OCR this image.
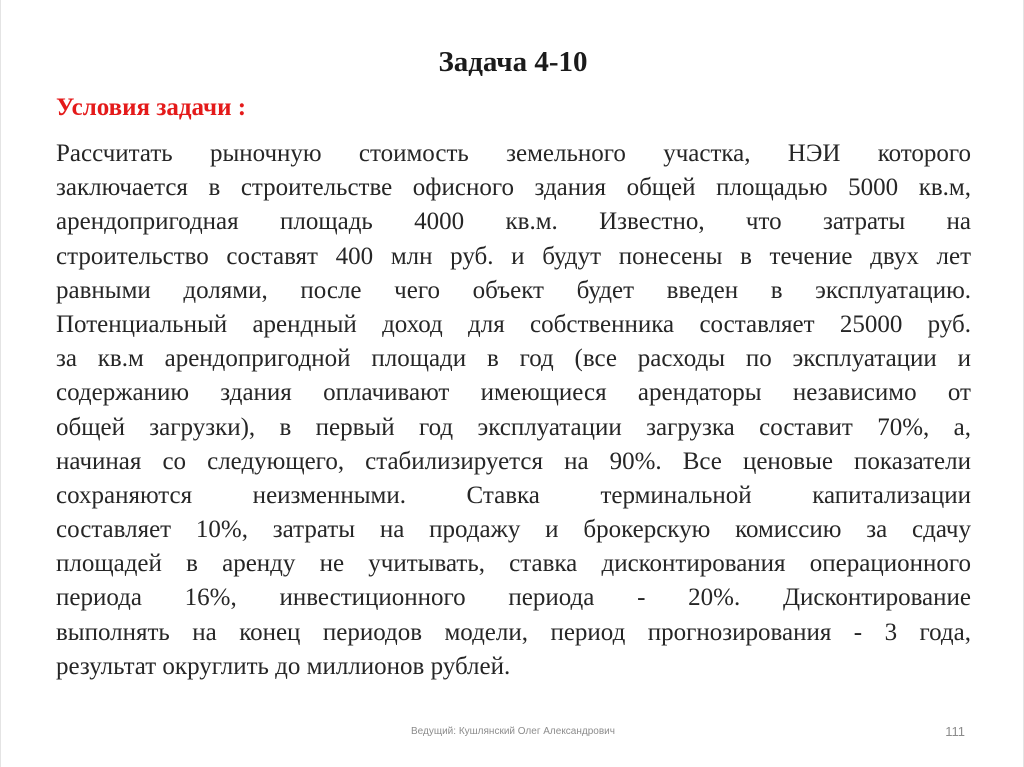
Задача 4-10
Условия задачи :
Рассчитать рыночную стоимость земельного участка, НЭИ которого
заключается в строительстве офисного здания общей площадью 5000 кв.м,
арендопригодная площадь 4000 кв.м. Известно, что затраты на
строительство составят 400 млн руб. и будут понесены в течение двух лет
равными долями, после чего объект будет введен в эксплуатацию.
Потенциальный арендный доход для собственника составляет 25000 руб.
за кв.м арендопригодной площади в год (все расходы по эксплуатации и
содержанию здания оплачивают имеющиеся арендаторы независимо от
общей загрузки), в первый год эксплуатации загрузка составит 70%, а,
начиная со следующего, стабилизируется на 90%. Все ценовые показатели
сохраняются неизменными. Ставка терминальной капитализации
составляет 10%, затраты на продажу и брокерскую комиссию за сдачу
площадей в аренду не учитывать, ставка дисконтирования операционного
периода 16%, инвестиционного периода - 20%. Дисконтирование
выполнять на конец периодов модели, период прогнозирования - 3 года,
результат округлить до миллионов рублей.
Ведущий: Кушлянский Олег Александрович	111
